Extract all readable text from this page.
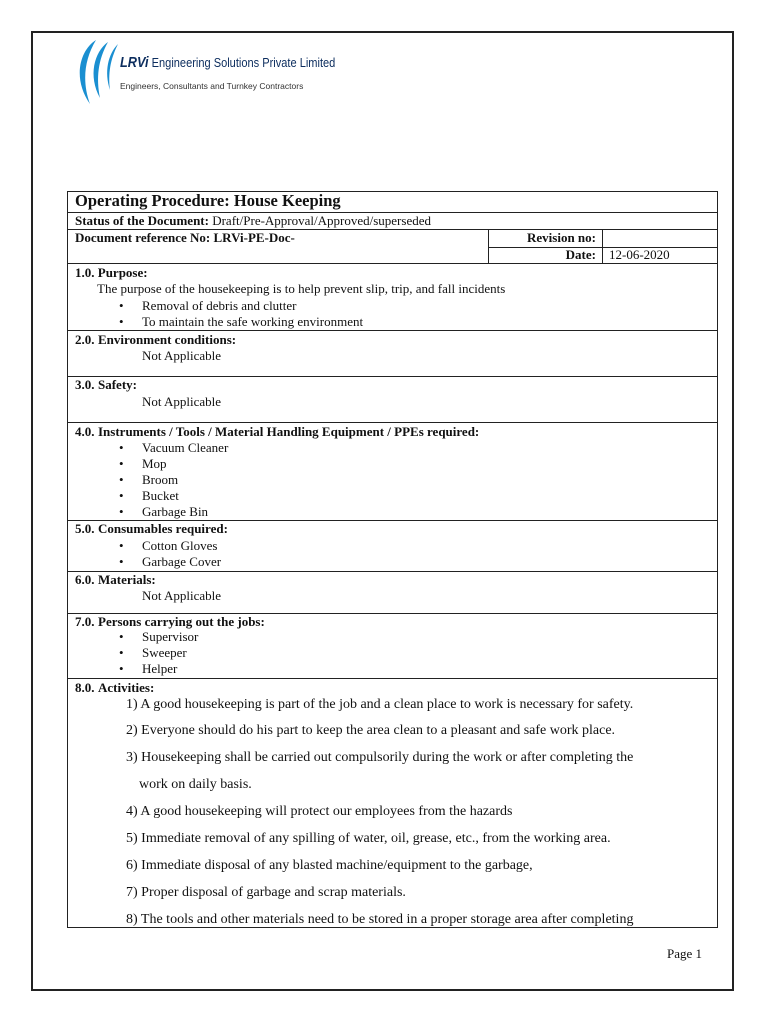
LRVi Engineering Solutions Private Limited
Engineers, Consultants and Turnkey Contractors
Operating Procedure: House Keeping
Status of the Document: Draft/Pre-Approval/Approved/superseded
Document reference No: LRVi-PE-Doc-	Revision no:
Date: 12-06-2020
1.0. Purpose:
The purpose of the housekeeping is to help prevent slip, trip, and fall incidents
• Removal of debris and clutter
• To maintain the safe working environment
2.0. Environment conditions:
Not Applicable
3.0. Safety:
Not Applicable
4.0. Instruments / Tools / Material Handling Equipment / PPEs required:
• Vacuum Cleaner
• Mop
• Broom
• Bucket
• Garbage Bin
5.0. Consumables required:
• Cotton Gloves
• Garbage Cover
6.0. Materials:
Not Applicable
7.0. Persons carrying out the jobs:
• Supervisor
• Sweeper
• Helper
8.0. Activities:
1) A good housekeeping is part of the job and a clean place to work is necessary for safety.
2) Everyone should do his part to keep the area clean to a pleasant and safe work place.
3) Housekeeping shall be carried out compulsorily during the work or after completing the
work on daily basis.
4) A good housekeeping will protect our employees from the hazards
5) Immediate removal of any spilling of water, oil, grease, etc., from the working area.
6) Immediate disposal of any blasted machine/equipment to the garbage,
7) Proper disposal of garbage and scrap materials.
8) The tools and other materials need to be stored in a proper storage area after completing
Page 1
